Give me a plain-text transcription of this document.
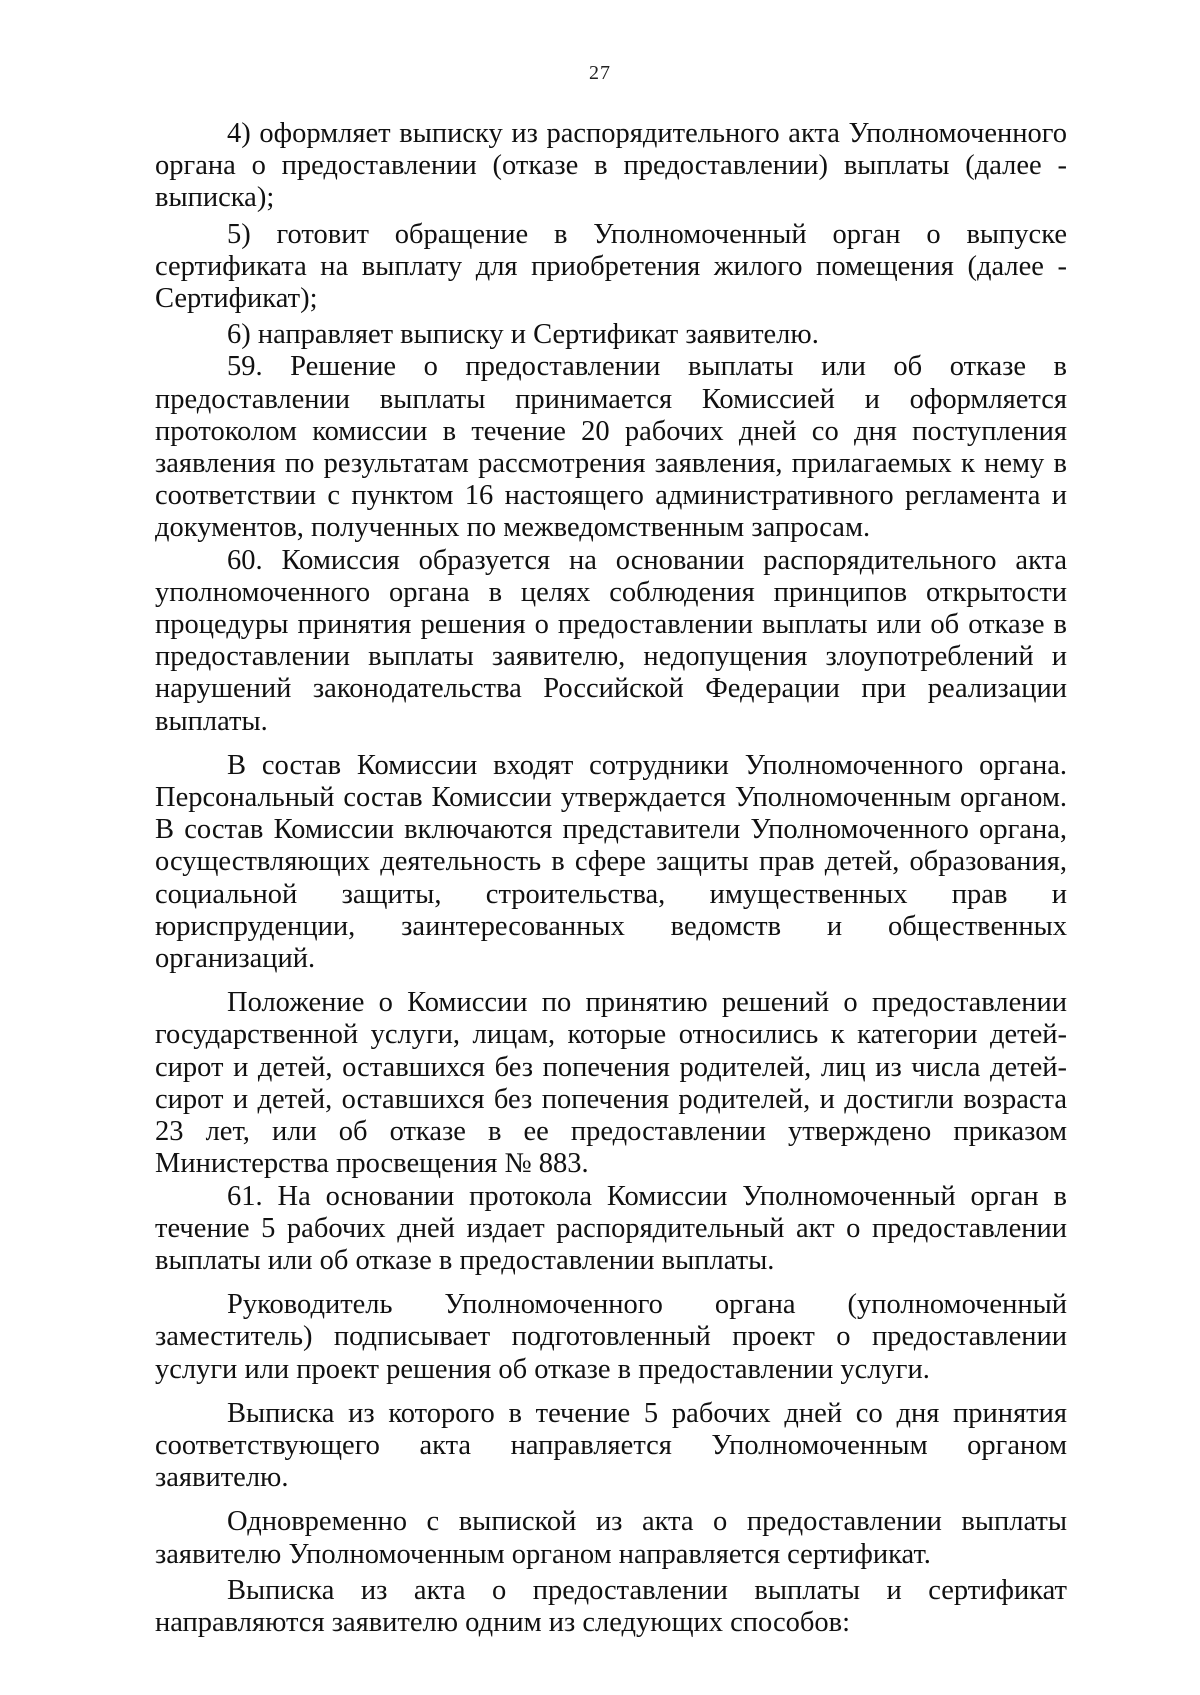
27

4) оформляет выписку из распорядительного акта Уполномоченного органа о предоставлении (отказе в предоставлении) выплаты (далее - выписка);

5) готовит обращение в Уполномоченный орган о выпуске сертификата на выплату для приобретения жилого помещения (далее - Сертификат);

6) направляет выписку и Сертификат заявителю.

59. Решение о предоставлении выплаты или об отказе в предоставлении выплаты принимается Комиссией и оформляется протоколом комиссии в течение 20 рабочих дней со дня поступления заявления по результатам рассмотрения заявления, прилагаемых к нему в соответствии с пунктом 16 настоящего административного регламента и документов, полученных по межведомственным запросам.

60. Комиссия образуется на основании распорядительного акта уполномоченного органа в целях соблюдения принципов открытости процедуры принятия решения о предоставлении выплаты или об отказе в предоставлении выплаты заявителю, недопущения злоупотреблений и нарушений законодательства Российской Федерации при реализации выплаты.

В состав Комиссии входят сотрудники Уполномоченного органа. Персональный состав Комиссии утверждается Уполномоченным органом. В состав Комиссии включаются представители Уполномоченного органа, осуществляющих деятельность в сфере защиты прав детей, образования, социальной защиты, строительства, имущественных прав и юриспруденции, заинтересованных ведомств и общественных организаций.

Положение о Комиссии по принятию решений о предоставлении государственной услуги, лицам, которые относились к категории детей-сирот и детей, оставшихся без попечения родителей, лиц из числа детей-сирот и детей, оставшихся без попечения родителей, и достигли возраста 23 лет, или об отказе в ее предоставлении утверждено приказом Министерства просвещения № 883.

61. На основании протокола Комиссии Уполномоченный орган в течение 5 рабочих дней издает распорядительный акт о предоставлении выплаты или об отказе в предоставлении выплаты.

Руководитель Уполномоченного органа (уполномоченный заместитель) подписывает подготовленный проект о предоставлении услуги или проект решения об отказе в предоставлении услуги.

Выписка из которого в течение 5 рабочих дней со дня принятия соответствующего акта направляется Уполномоченным органом заявителю.

Одновременно с выпиской из акта о предоставлении выплаты заявителю Уполномоченным органом направляется сертификат.

Выписка из акта о предоставлении выплаты и сертификат направляются заявителю одним из следующих способов:
